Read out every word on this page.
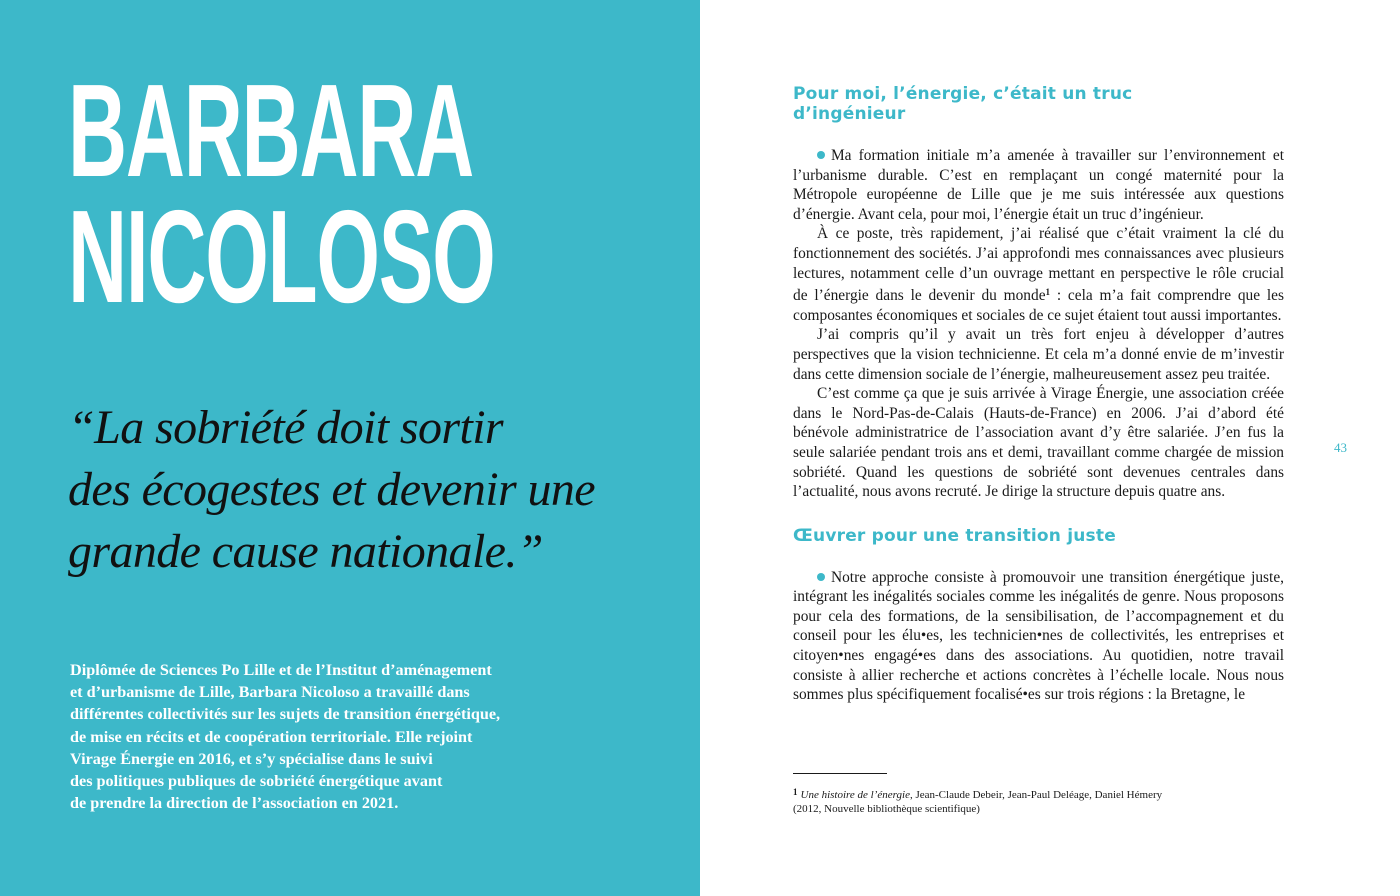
BARBARA
NICOLOSO
“La sobriété doit sortir
des écogestes et devenir une
grande cause nationale.”
Diplômée de Sciences Po Lille et de l’Institut d’aménagement
et d’urbanisme de Lille, Barbara Nicoloso a travaillé dans
différentes collectivités sur les sujets de transition énergétique,
de mise en récits et de coopération territoriale. Elle rejoint
Virage Énergie en 2016, et s’y spécialise dans le suivi
des politiques publiques de sobriété énergétique avant
de prendre la direction de l’association en 2021.
Pour moi, l’énergie, c’était un truc
d’ingénieur

Ma formation initiale m’a amenée à travailler sur l’environnement et l’urbanisme durable. C’est en remplaçant un congé maternité pour la Métropole européenne de Lille que je me suis intéressée aux questions d’énergie. Avant cela, pour moi, l’énergie était un truc d’ingénieur.

À ce poste, très rapidement, j’ai réalisé que c’était vraiment la clé du fonctionnement des sociétés. J’ai approfondi mes connaissances avec plusieurs lectures, notamment celle d’un ouvrage mettant en perspective le rôle crucial de l’énergie dans le devenir du monde$^1$ : cela m’a fait comprendre que les composantes économiques et sociales de ce sujet étaient tout aussi importantes.

J’ai compris qu’il y avait un très fort enjeu à développer d’autres perspectives que la vision technicienne. Et cela m’a donné envie de m’investir dans cette dimension sociale de l’énergie, malheureusement assez peu traitée.

C’est comme ça que je suis arrivée à Virage Énergie, une association créée dans le Nord-Pas-de-Calais (Hauts-de-France) en 2006. J’ai d’abord été bénévole administratrice de l’association avant d’y être salariée. J’en fus la seule salariée pendant trois ans et demi, travaillant comme chargée de mission sobriété. Quand les questions de sobriété sont devenues centrales dans l’actualité, nous avons recruté. Je dirige la structure depuis quatre ans.

Œuvrer pour une transition juste

Notre approche consiste à promouvoir une transition énergétique juste, intégrant les inégalités sociales comme les inégalités de genre. Nous proposons pour cela des formations, de la sensibilisation, de l’accompagnement et du conseil pour les élu•es, les technicien•nes de collectivités, les entreprises et citoyen•nes engagé•es dans des associations. Au quotidien, notre travail consiste à allier recherche et actions concrètes à l’échelle locale. Nous nous sommes plus spécifiquement focalisé•es sur trois régions : la Bretagne, le

$^1$ Une histoire de l’énergie, Jean-Claude Debeir, Jean-Paul Deléage, Daniel Hémery
(2012, Nouvelle bibliothèque scientifique)
43
